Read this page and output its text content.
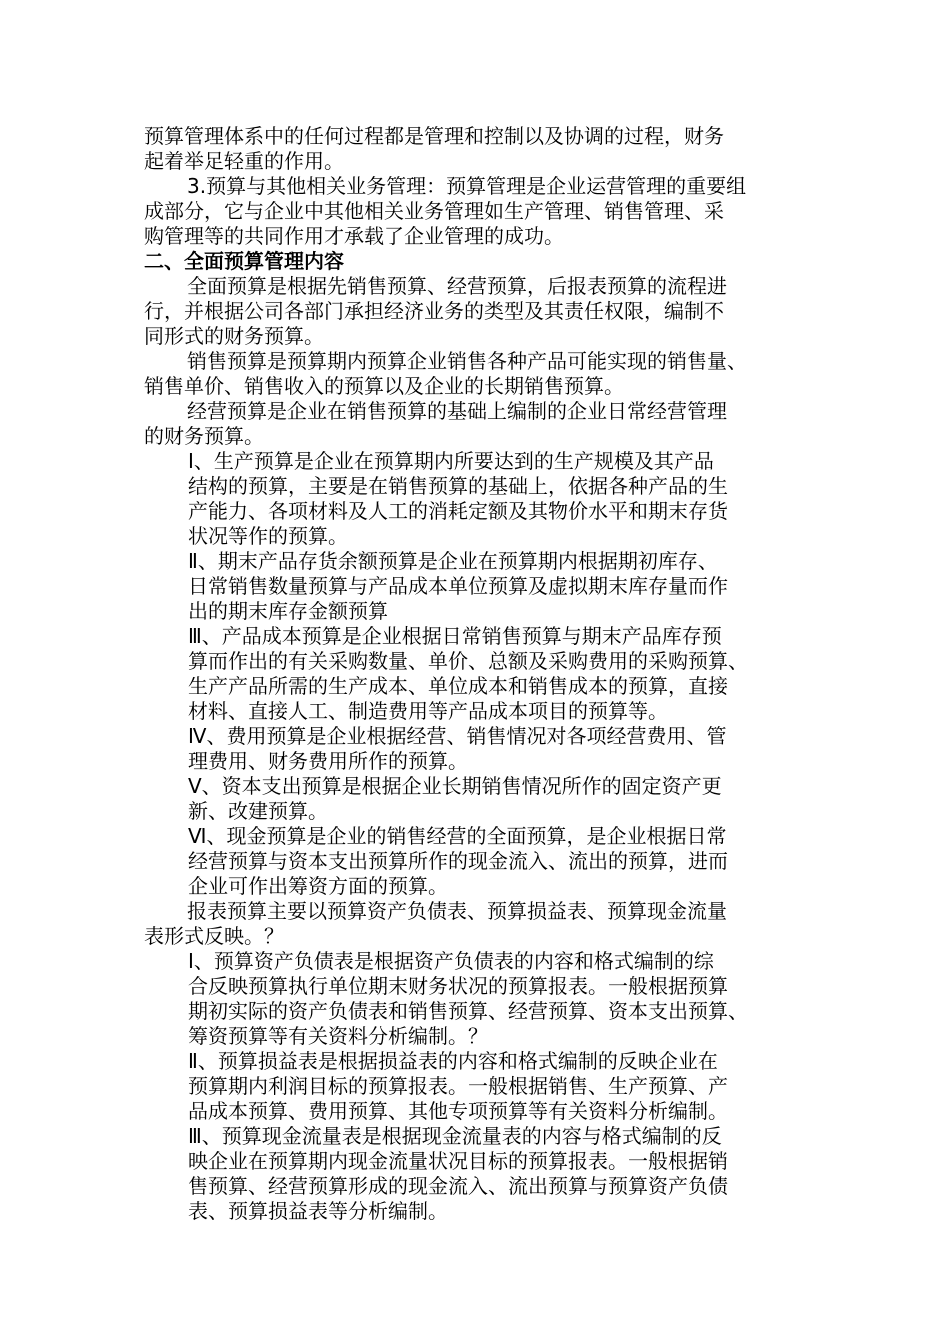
预算管理体系中的任何过程都是管理和控制以及协调的过程，财务
起着举足轻重的作用。

3.预算与其他相关业务管理：预算管理是企业运营管理的重要组
成部分，它与企业中其他相关业务管理如生产管理、销售管理、采
购管理等的共同作用才承载了企业管理的成功。

二、全面预算管理内容

全面预算是根据先销售预算、经营预算，后报表预算的流程进
行，并根据公司各部门承担经济业务的类型及其责任权限，编制不
同形式的财务预算。

销售预算是预算期内预算企业销售各种产品可能实现的销售量、
销售单价、销售收入的预算以及企业的长期销售预算。

经营预算是企业在销售预算的基础上编制的企业日常经营管理
的财务预算。

Ⅰ、生产预算是企业在预算期内所要达到的生产规模及其产品
结构的预算，主要是在销售预算的基础上，依据各种产品的生
产能力、各项材料及人工的消耗定额及其物价水平和期末存货
状况等作的预算。

Ⅱ、期末产品存货余额预算是企业在预算期内根据期初库存、
日常销售数量预算与产品成本单位预算及虚拟期末库存量而作
出的期末库存金额预算

Ⅲ、产品成本预算是企业根据日常销售预算与期末产品库存预
算而作出的有关采购数量、单价、总额及采购费用的采购预算、
生产产品所需的生产成本、单位成本和销售成本的预算，直接
材料、直接人工、制造费用等产品成本项目的预算等。

Ⅳ、费用预算是企业根据经营、销售情况对各项经营费用、管
理费用、财务费用所作的预算。

Ⅴ、资本支出预算是根据企业长期销售情况所作的固定资产更
新、改建预算。

Ⅵ、现金预算是企业的销售经营的全面预算，是企业根据日常
经营预算与资本支出预算所作的现金流入、流出的预算，进而
企业可作出筹资方面的预算。

报表预算主要以预算资产负债表、预算损益表、预算现金流量
表形式反映。？

Ⅰ、预算资产负债表是根据资产负债表的内容和格式编制的综
合反映预算执行单位期末财务状况的预算报表。一般根据预算
期初实际的资产负债表和销售预算、经营预算、资本支出预算、
筹资预算等有关资料分析编制。？

Ⅱ、预算损益表是根据损益表的内容和格式编制的反映企业在
预算期内利润目标的预算报表。一般根据销售、生产预算、产
品成本预算、费用预算、其他专项预算等有关资料分析编制。

Ⅲ、预算现金流量表是根据现金流量表的内容与格式编制的反
映企业在预算期内现金流量状况目标的预算报表。一般根据销
售预算、经营预算形成的现金流入、流出预算与预算资产负债
表、预算损益表等分析编制。
